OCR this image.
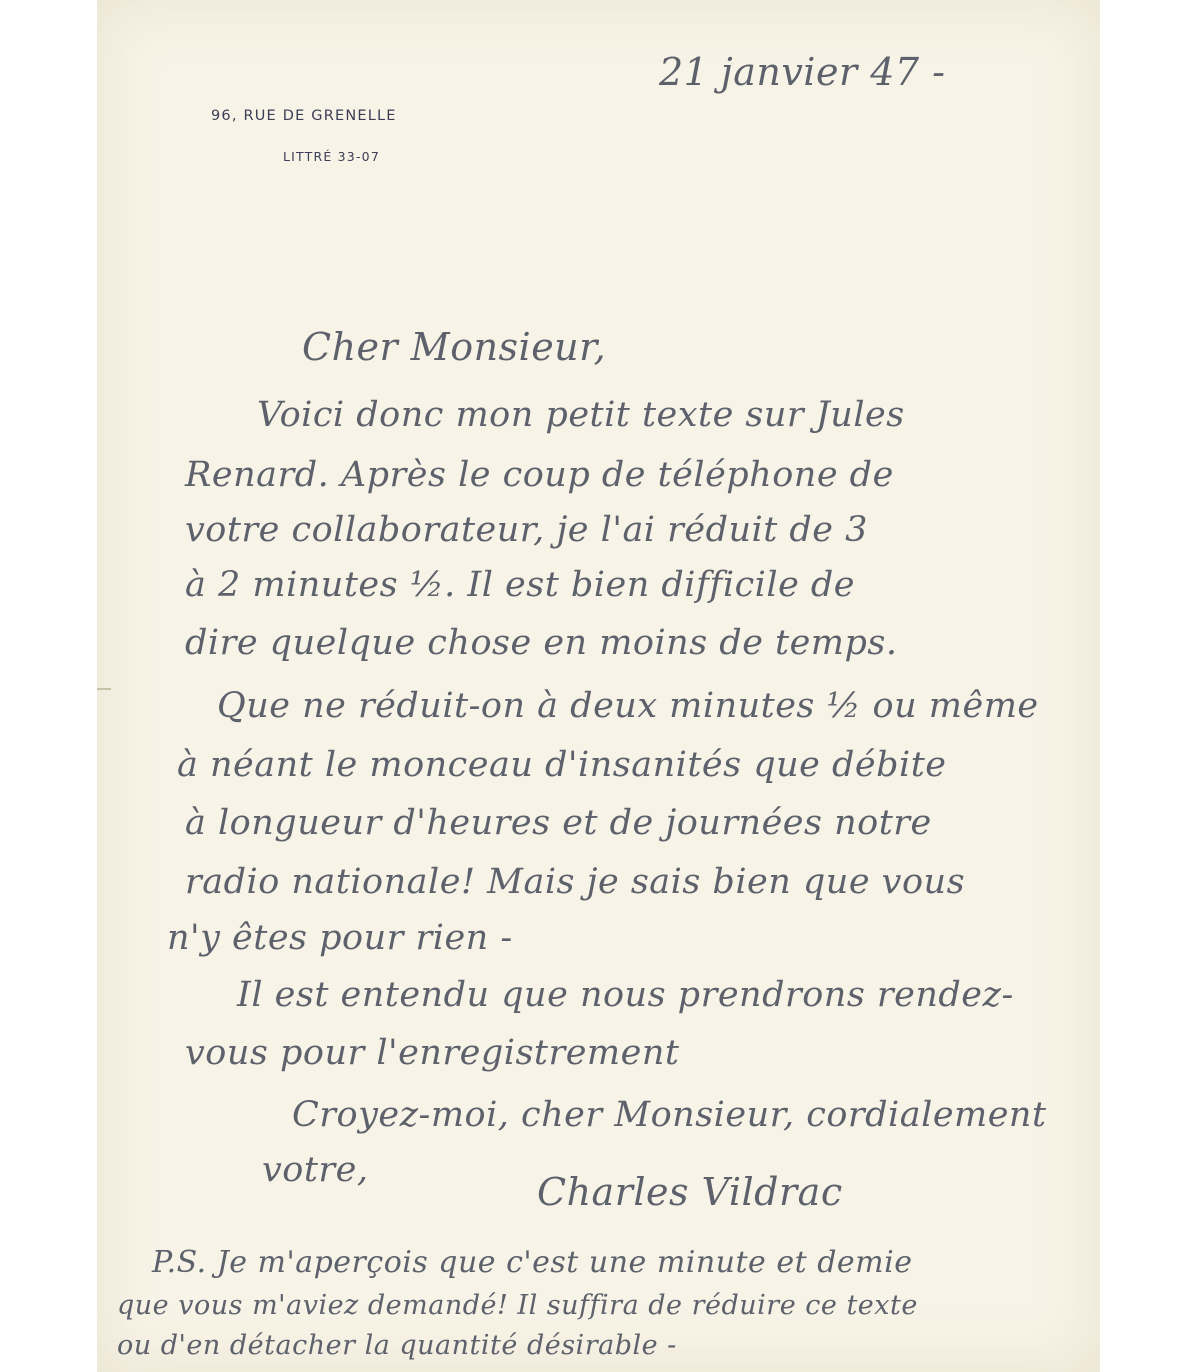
96, RUE DE GRENELLE
LITTRÉ 33-07
21 janvier 47 -
Cher Monsieur,
Voici donc mon petit texte sur Jules
Renard. Après le coup de téléphone de
votre collaborateur, je l'ai réduit de 3
à 2 minutes ½. Il est bien difficile de
dire quelque chose en moins de temps.
Que ne réduit-on à deux minutes ½ ou même
à néant le monceau d'insanités que débite
à longueur d'heures et de journées notre
radio nationale! Mais je sais bien que vous
n'y êtes pour rien -
Il est entendu que nous prendrons rendez-
vous pour l'enregistrement
Croyez-moi, cher Monsieur, cordialement
votre,	Charles Vildrac
P.S. Je m'aperçois que c'est une minute et demie
que vous m'aviez demandé! Il suffira de réduire ce texte
ou d'en détacher la quantité désirable -
